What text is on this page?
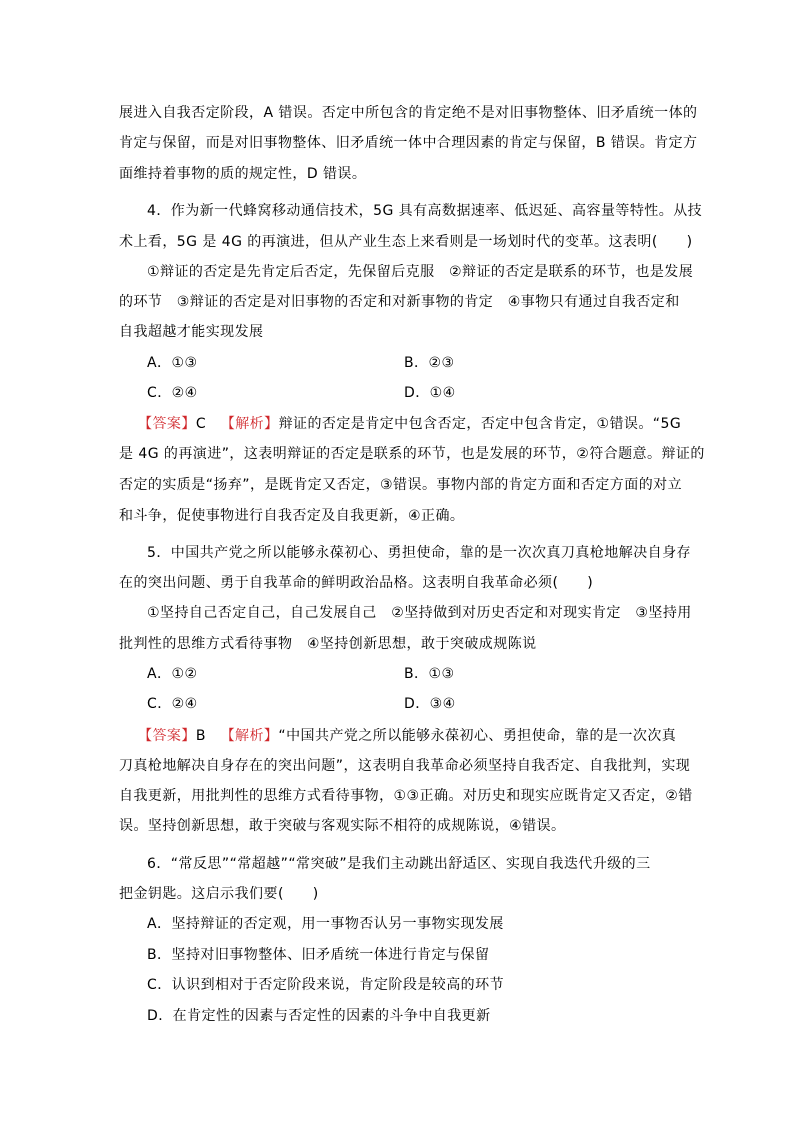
展进入自我否定阶段，A 错误。否定中所包含的肯定绝不是对旧事物整体、旧矛盾统一体的
肯定与保留，而是对旧事物整体、旧矛盾统一体中合理因素的肯定与保留，B 错误。肯定方
面维持着事物的质的规定性，D 错误。
4．作为新一代蜂窝移动通信技术，5G 具有高数据速率、低迟延、高容量等特性。从技
术上看，5G 是 4G 的再演进，但从产业生态上来看则是一场划时代的变革。这表明(　　)
①辩证的否定是先肯定后否定，先保留后克服　②辩证的否定是联系的环节，也是发展
的环节　③辩证的否定是对旧事物的否定和对新事物的肯定　④事物只有通过自我否定和
自我超越才能实现发展
A．①③	B．②③
C．②④	D．①④
【答案】C 【解析】辩证的否定是肯定中包含否定，否定中包含肯定，①错误。“5G
是 4G 的再演进”，这表明辩证的否定是联系的环节，也是发展的环节，②符合题意。辩证的
否定的实质是“扬弃”，是既肯定又否定，③错误。事物内部的肯定方面和否定方面的对立
和斗争，促使事物进行自我否定及自我更新，④正确。
5．中国共产党之所以能够永葆初心、勇担使命，靠的是一次次真刀真枪地解决自身存
在的突出问题、勇于自我革命的鲜明政治品格。这表明自我革命必须(　　)
①坚持自己否定自己，自己发展自己　②坚持做到对历史否定和对现实肯定　③坚持用
批判性的思维方式看待事物　④坚持创新思想，敢于突破成规陈说
A．①②	B．①③
C．②④	D．③④
【答案】B 【解析】“中国共产党之所以能够永葆初心、勇担使命，靠的是一次次真
刀真枪地解决自身存在的突出问题”，这表明自我革命必须坚持自我否定、自我批判，实现
自我更新，用批判性的思维方式看待事物，①③正确。对历史和现实应既肯定又否定，②错
误。坚持创新思想，敢于突破与客观实际不相符的成规陈说，④错误。
6．“常反思”“常超越”“常突破”是我们主动跳出舒适区、实现自我迭代升级的三
把金钥匙。这启示我们要(　　)
A．坚持辩证的否定观，用一事物否认另一事物实现发展
B．坚持对旧事物整体、旧矛盾统一体进行肯定与保留
C．认识到相对于否定阶段来说，肯定阶段是较高的环节
D．在肯定性的因素与否定性的因素的斗争中自我更新
